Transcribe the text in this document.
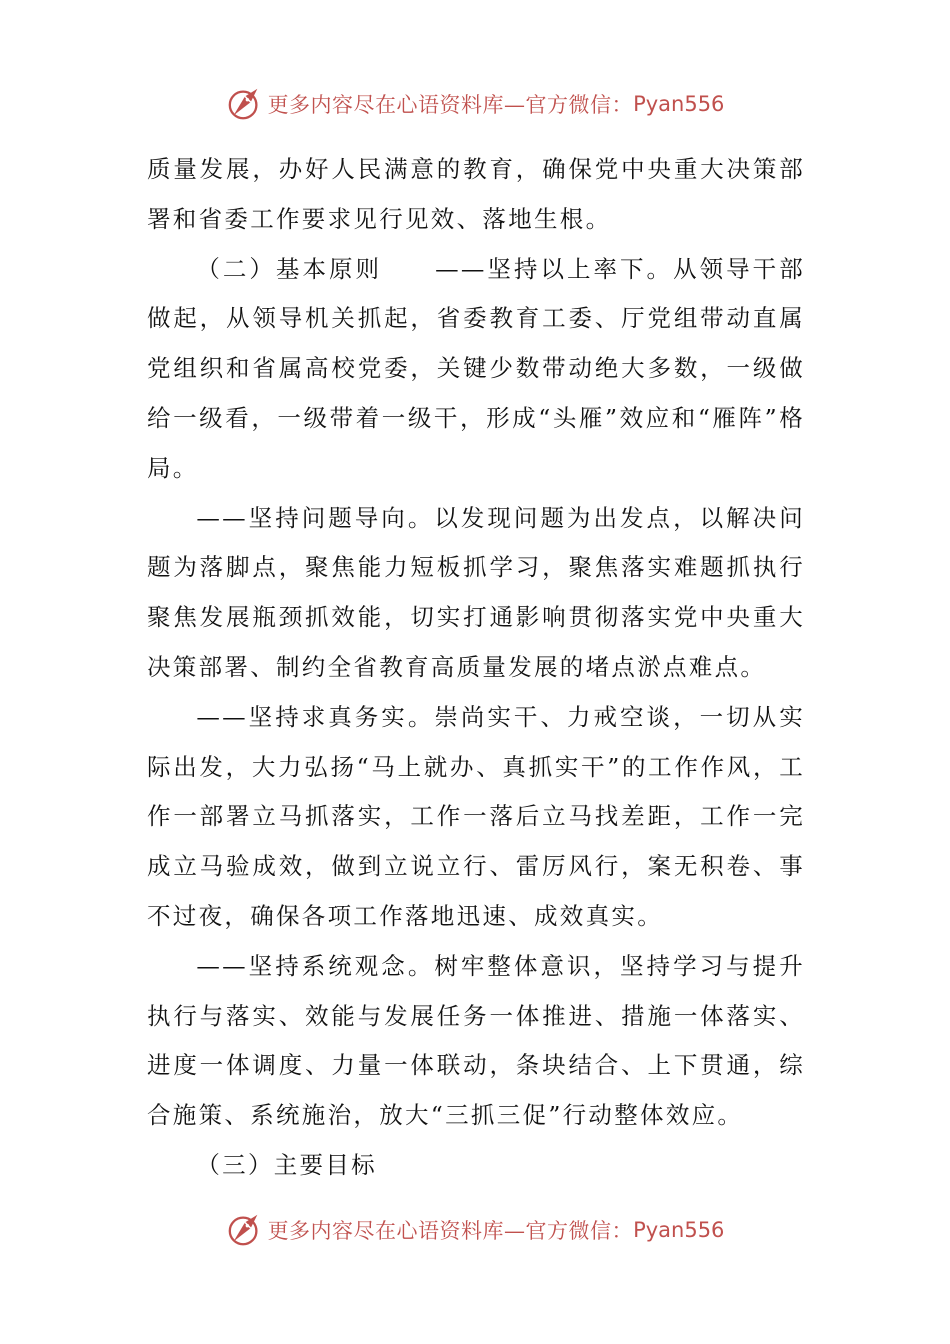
更多内容尽在心语资料库—官方微信： Pyan556

质量发展，办好人民满意的教育，确保党中央重大决策部署和省委工作要求见行见效、落地生根。

（二）基本原则　　——坚持以上率下。从领导干部做起，从领导机关抓起，省委教育工委、厅党组带动直属党组织和省属高校党委，关键少数带动绝大多数，一级做给一级看，一级带着一级干，形成“头雁”效应和“雁阵”格局。

——坚持问题导向。以发现问题为出发点，以解决问题为落脚点，聚焦能力短板抓学习，聚焦落实难题抓执行聚焦发展瓶颈抓效能，切实打通影响贯彻落实党中央重大决策部署、制约全省教育高质量发展的堵点淤点难点。

——坚持求真务实。崇尚实干、力戒空谈，一切从实际出发，大力弘扬“马上就办、真抓实干”的工作作风，工作一部署立马抓落实，工作一落后立马找差距，工作一完成立马验成效，做到立说立行、雷厉风行，案无积卷、事不过夜，确保各项工作落地迅速、成效真实。

——坚持系统观念。树牢整体意识，坚持学习与提升执行与落实、效能与发展任务一体推进、措施一体落实、进度一体调度、力量一体联动，条块结合、上下贯通，综合施策、系统施治，放大“三抓三促”行动整体效应。

（三）主要目标

更多内容尽在心语资料库—官方微信： Pyan556
